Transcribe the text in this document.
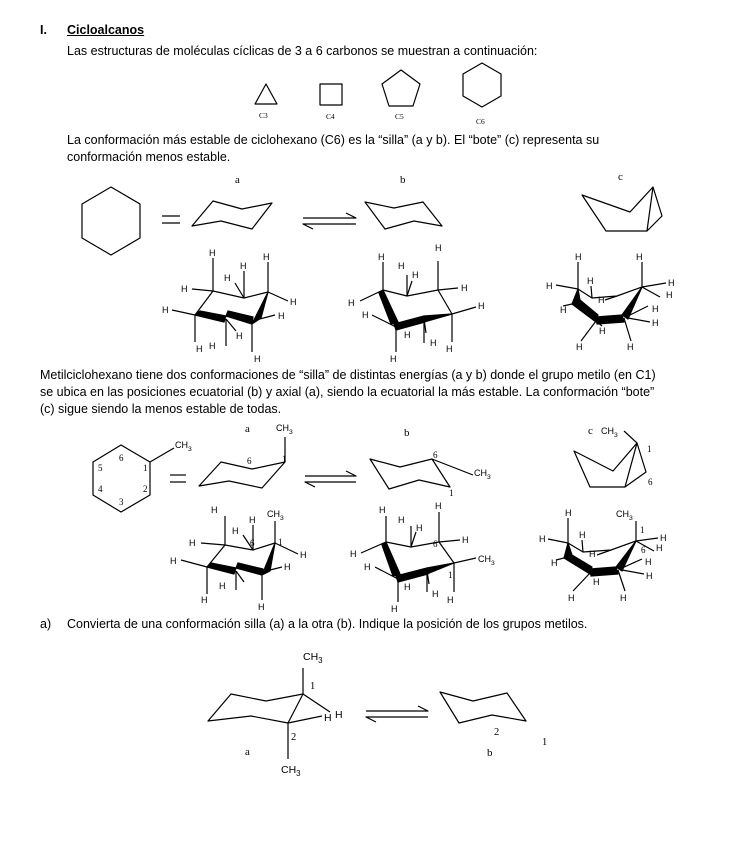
I. Cicloalcanos
Las estructuras de moléculas cíclicas de 3 a 6 carbonos se muestran a continuación:
La conformación más estable de ciclohexano (C6) es la “silla” (a y b). El “bote” (c) representa su
conformación menos estable.
Metilciclohexano tiene dos conformaciones de “silla” de distintas energías (a y b) donde el grupo metilo (en C1)
se ubica en las posiciones ecuatorial (b) y axial (a), siendo la ecuatorial la más estable. La conformación “bote”
(c) sigue siendo la menos estable de todas.
a) Convierta de una conformación silla (a) a la otra (b). Indique la posición de los grupos metilos.
C3	C4	C5
C6
a	b	c
H
H
H
H
H
H
H
H
H
H H
H
H
H
H
H
H
H
H
H
H
H
H
H
H	H
H	H
H
H
H
H	H
H
H
H	H
6
1
2
3
4
5
$CH_3$
6	1
$CH_3$
6
1
$CH_3$
$CH_3$
1
6
a	b	c
H
H
H
$CH_3$
6	1
H
H
H
H
H
H
H
H
H
H
H
6	H
$CH_3$
1
H
H
H
H
H
H
H	$CH_3$
1
H	H
H
H
6 H
H	H
H
H
H	H
$CH_3$
1
H H
2
$CH_3$
2
1
a	b
